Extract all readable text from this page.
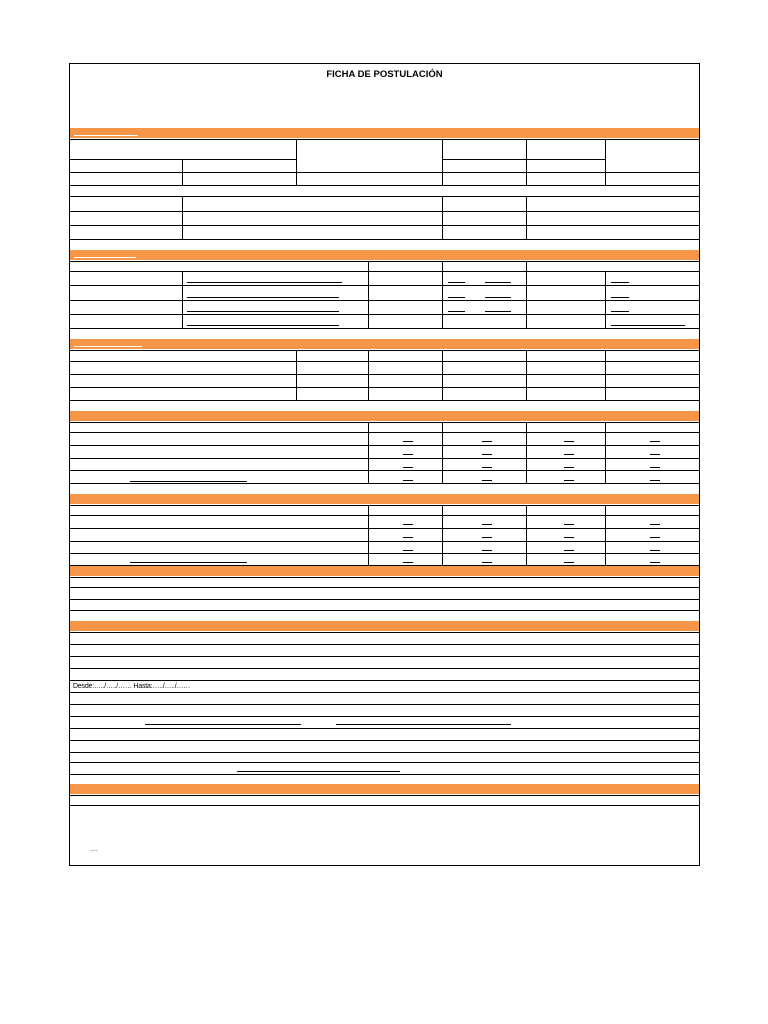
FICHA DE POSTULACIÓN
Desde:…../…../…… Hasta:…../…../……
….
